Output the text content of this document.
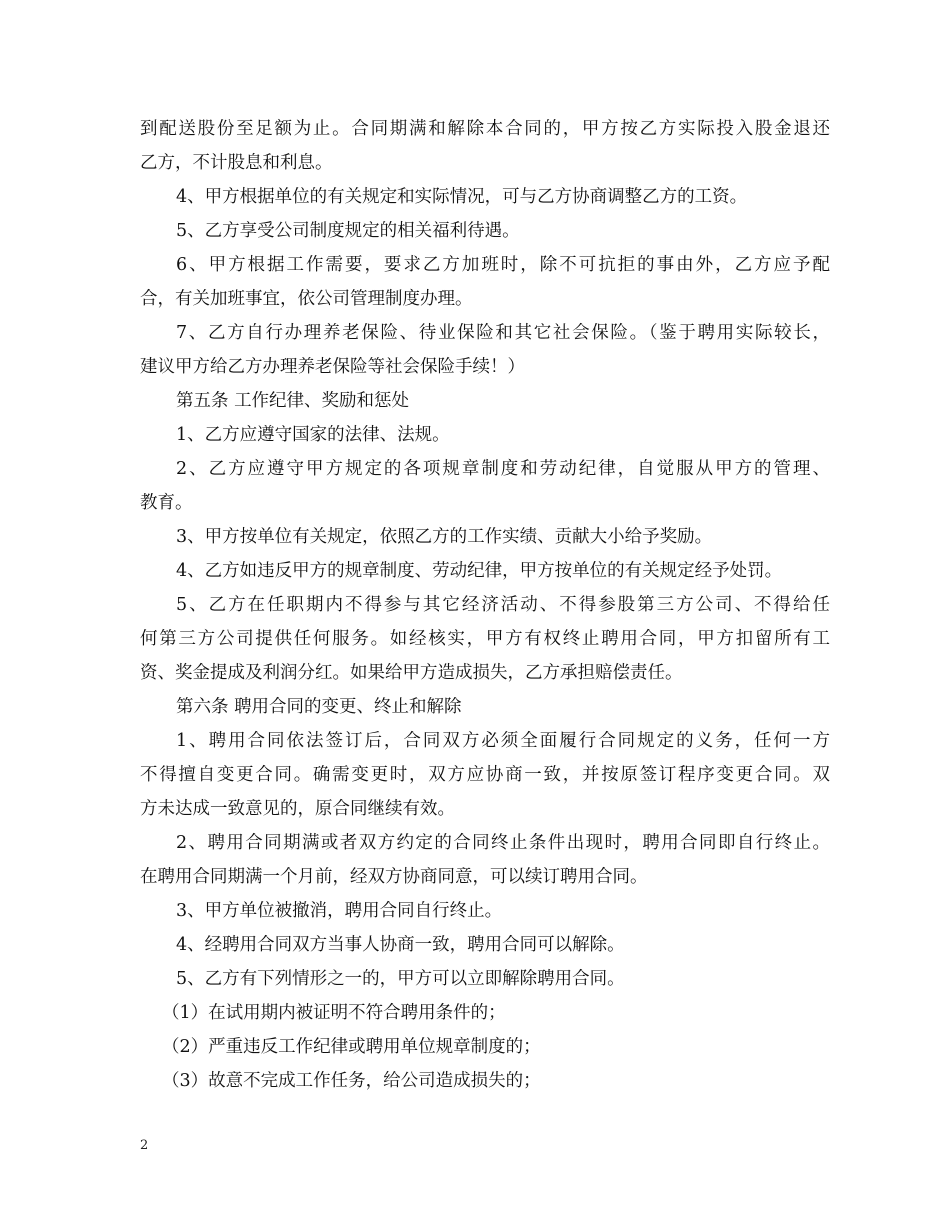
到配送股份至足额为止。合同期满和解除本合同的，甲方按乙方实际投入股金退还
乙方，不计股息和利息。
4、甲方根据单位的有关规定和实际情况，可与乙方协商调整乙方的工资。
5、乙方享受公司制度规定的相关福利待遇。
6、甲方根据工作需要，要求乙方加班时，除不可抗拒的事由外，乙方应予配
合，有关加班事宜，依公司管理制度办理。
7、乙方自行办理养老保险、待业保险和其它社会保险。（鉴于聘用实际较长，
建议甲方给乙方办理养老保险等社会保险手续！）
第五条 工作纪律、奖励和惩处
1、乙方应遵守国家的法律、法规。
2、乙方应遵守甲方规定的各项规章制度和劳动纪律，自觉服从甲方的管理、
教育。
3、甲方按单位有关规定，依照乙方的工作实绩、贡献大小给予奖励。
4、乙方如违反甲方的规章制度、劳动纪律，甲方按单位的有关规定经予处罚。
5、乙方在任职期内不得参与其它经济活动、不得参股第三方公司、不得给任
何第三方公司提供任何服务。如经核实，甲方有权终止聘用合同，甲方扣留所有工
资、奖金提成及利润分红。如果给甲方造成损失，乙方承担赔偿责任。
第六条 聘用合同的变更、终止和解除
1、聘用合同依法签订后，合同双方必须全面履行合同规定的义务，任何一方
不得擅自变更合同。确需变更时，双方应协商一致，并按原签订程序变更合同。双
方未达成一致意见的，原合同继续有效。
2、聘用合同期满或者双方约定的合同终止条件出现时，聘用合同即自行终止。
在聘用合同期满一个月前，经双方协商同意，可以续订聘用合同。
3、甲方单位被撤消，聘用合同自行终止。
4、经聘用合同双方当事人协商一致，聘用合同可以解除。
5、乙方有下列情形之一的，甲方可以立即解除聘用合同。
（1）在试用期内被证明不符合聘用条件的；
（2）严重违反工作纪律或聘用单位规章制度的；
（3）故意不完成工作任务，给公司造成损失的；
2
